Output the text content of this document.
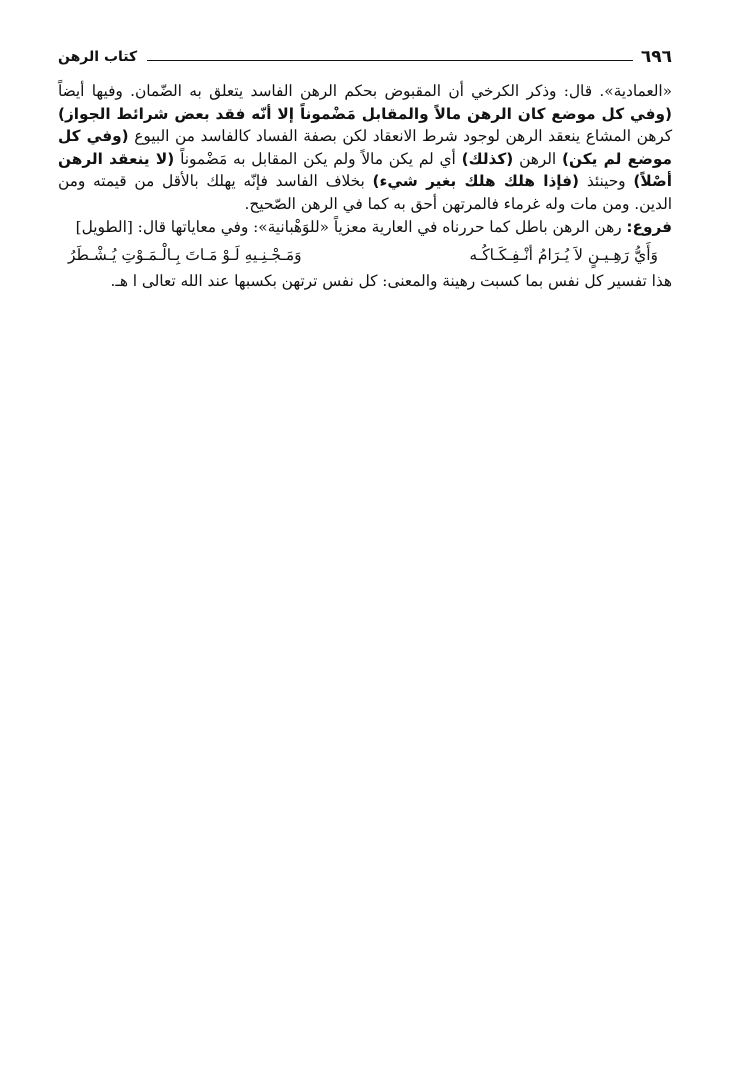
٦٩٦
كتاب الرهن

«العمادية». قال: وذكر الكرخي أن المقبوض بحكم الرهن الفاسد يتعلق به الضّمان. وفيها أيضاً (وفي كل موضع كان الرهن مالاً والمقابل مَضْموناً إلا أنّه فقد بعض شرائط الجواز) كرهن المشاع ينعقد الرهن لوجود شرط الانعقاد لكن بصفة الفساد كالفاسد من البيوع (وفي كل موضع لم يكن) الرهن (كذلك) أي لم يكن مالاً ولم يكن المقابل به مَضْموناً (لا ينعقد الرهن أصْلاً) وحينئذ (فإذا هلك هلك بغير شيء) بخلاف الفاسد فإنّه يهلك بالأقل من قيمته ومن الدين. ومن مات وله غرماء فالمرتهن أحق به كما في الرهن الصّحيح.

فروع: رهن الرهن باطل كما حررناه في العارية معزياً «للوَهْبانية»: وفي معاياتها قال: [الطويل]

وَأَيُّ رَهِـيـنٍ لاَ يُـرَامُ أنْـفِـكَـاكُـه
وَمَـجْـنِـيهِ لَـوْ مَـاتَ بِـالْـمَـوْتِ يُـشْـطَرُ

هذا تفسير كل نفس بما كسبت رهينة والمعنى: كل نفس ترتهن بكسبها عند الله تعالى ا هـ.
